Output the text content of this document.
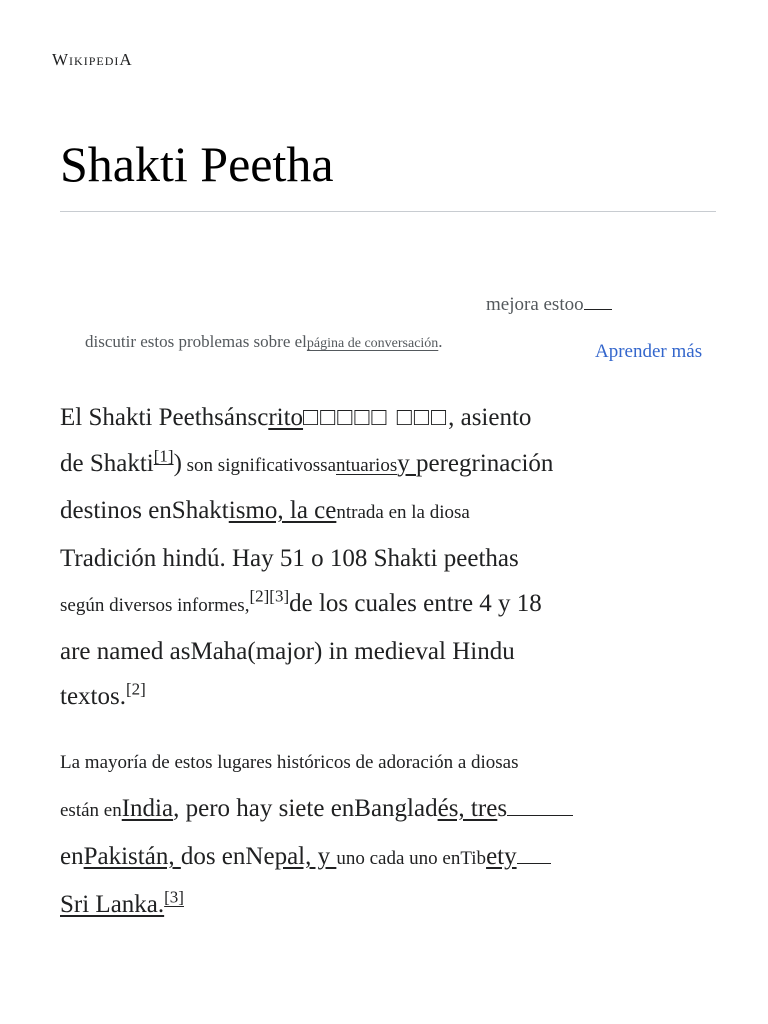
WikipediA
Shakti Peetha
mejora estoo
discutir estos problemas sobre elpágina de conversación.	Aprender más

El Shakti Peethsánscrito□□□□□ □□□, asiento
de Shakti[1]) son significativossantuariosy peregrinación
destinos enShaktismo, la centrada en la diosa
Tradición hindú. Hay 51 o 108 Shakti peethas
según diversos informes,[2][3]de los cuales entre 4 y 18
are named asMaha(major) in medieval Hindu
textos.[2]

La mayoría de estos lugares históricos de adoración a diosas
están enIndia, pero hay siete enBangladés, tres
enPakistán, dos enNepal, y uno cada uno enTibety
Sri Lanka.[3]
